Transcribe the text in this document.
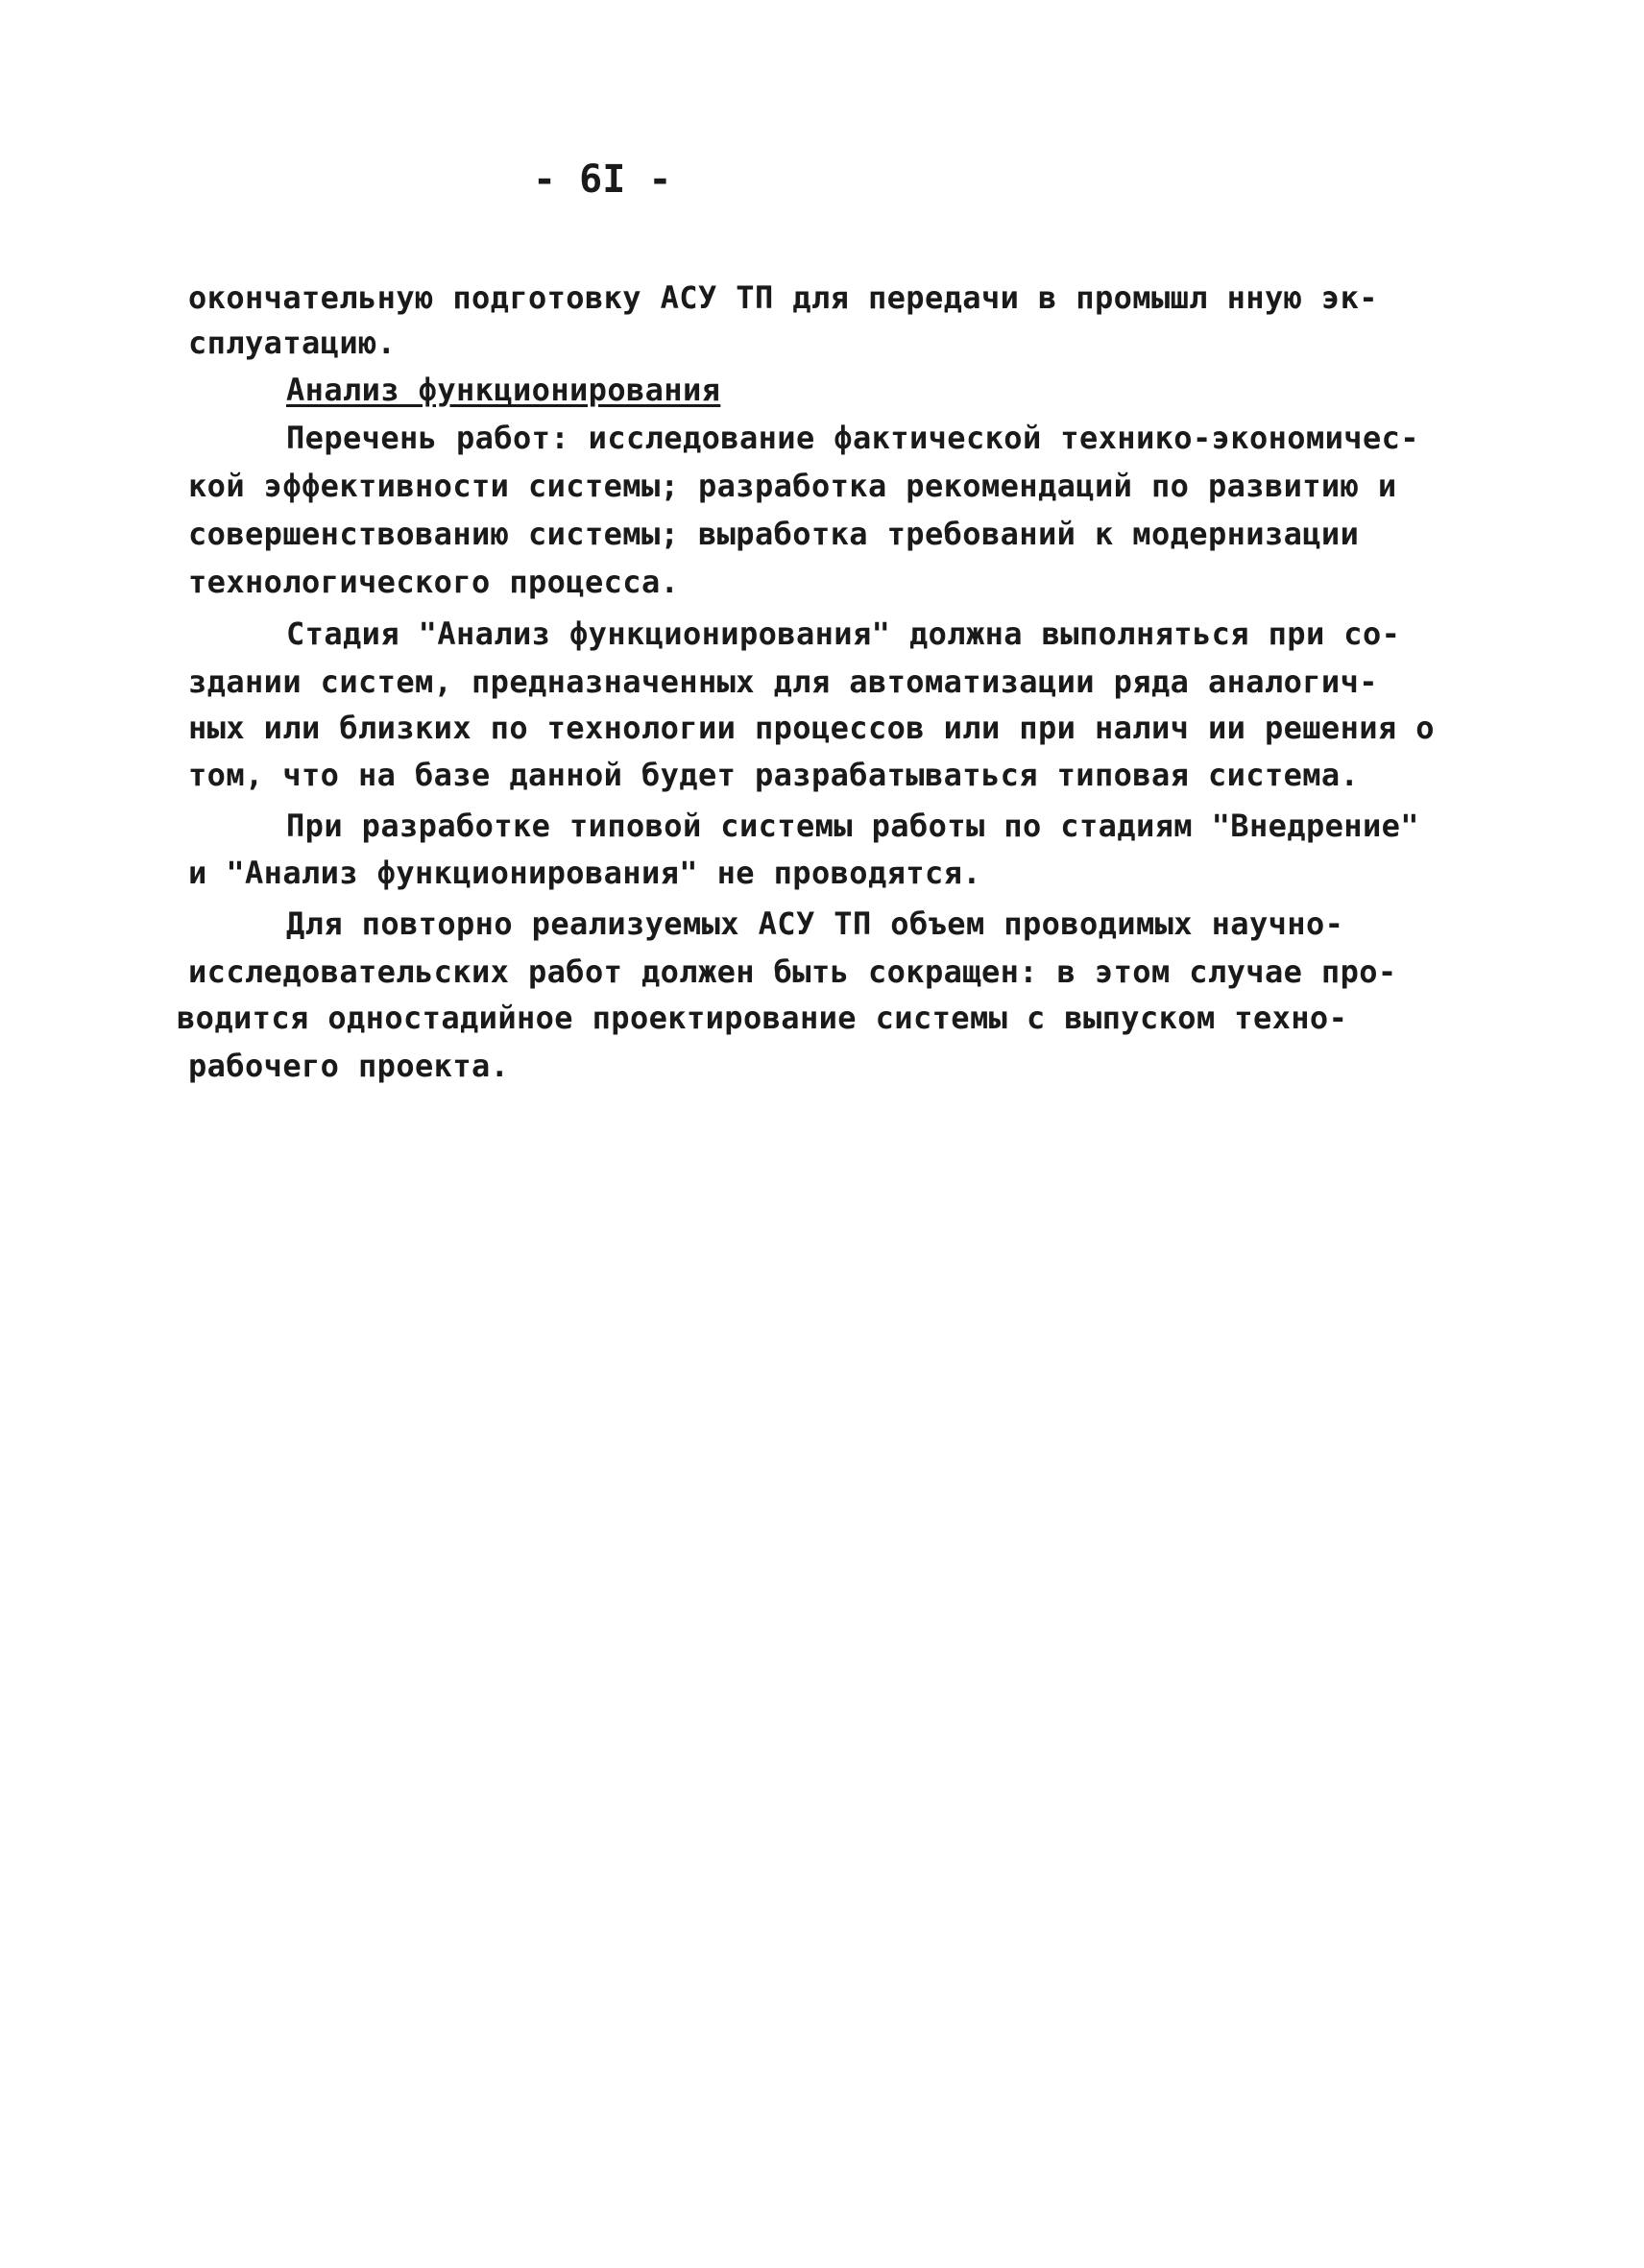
- 6I -
окончательную подготовку АСУ ТП для передачи в промышл нную эк-
сплуатацию.
Анализ функционирования
Перечень работ: исследование фактической технико-экономичес-
кой эффективности системы; разработка рекомендаций по развитию и
совершенствованию системы; выработка требований к модернизации
технологического процесса.
Стадия "Анализ функционирования" должна выполняться при со-
здании систем, предназначенных для автоматизации ряда аналогич-
ных или близких по технологии процессов или при налич ии решения о
том, что на базе данной будет разрабатываться типовая система.
При разработке типовой системы работы по стадиям "Внедрение"
и "Анализ функционирования" не проводятся.
Для повторно реализуемых АСУ ТП объем проводимых научно-
исследовательских работ должен быть сокращен: в этом случае про-
водится одностадийное проектирование системы с выпуском техно-
рабочего проекта.
